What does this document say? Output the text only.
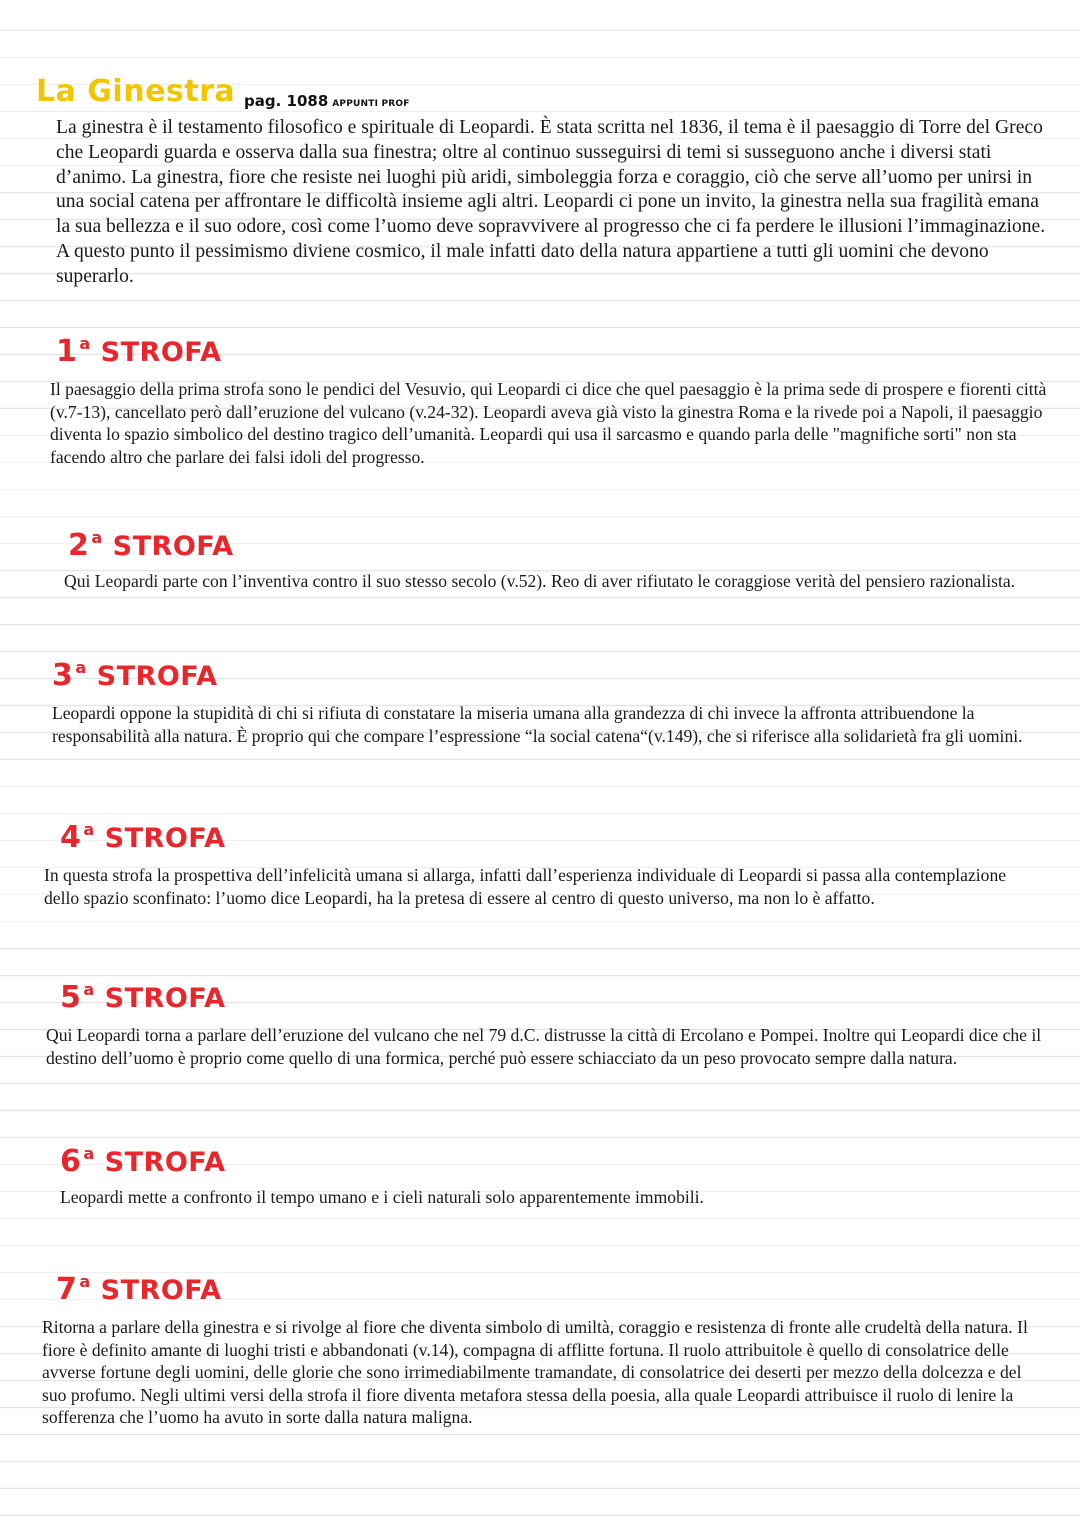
La Ginestra pag. 1088 APPUNTI PROF

La ginestra è il testamento filosofico e spirituale di Leopardi. È stata scritta nel 1836, il tema è il paesaggio di Torre del Greco che Leopardi guarda e osserva dalla sua finestra; oltre al continuo susseguirsi di temi si susseguono anche i diversi stati d’animo. La ginestra, fiore che resiste nei luoghi più aridi, simboleggia forza e coraggio, ciò che serve all’uomo per unirsi in una social catena per affrontare le difficoltà insieme agli altri. Leopardi ci pone un invito, la ginestra nella sua fragilità emana la sua bellezza e il suo odore, così come l’uomo deve sopravvivere al progresso che ci fa perdere le illusioni l’immaginazione. A questo punto il pessimismo diviene cosmico, il male infatti dato della natura appartiene a tutti gli uomini che devono superarlo.

1 $^a$ STROFA

Il paesaggio della prima strofa sono le pendici del Vesuvio, qui Leopardi ci dice che quel paesaggio è la prima sede di prospere e fiorenti città (v.7-13), cancellato però dall’eruzione del vulcano (v.24-32). Leopardi aveva già visto la ginestra Roma e la rivede poi a Napoli, il paesaggio diventa lo spazio simbolico del destino tragico dell’umanità. Leopardi qui usa il sarcasmo e quando parla delle "magnifiche sorti" non sta facendo altro che parlare dei falsi idoli del progresso.

2 $^a$ STROFA

Qui Leopardi parte con l’inventiva contro il suo stesso secolo (v.52). Reo di aver rifiutato le coraggiose verità del pensiero razionalista.

3 $^a$ STROFA

Leopardi oppone la stupidità di chi si rifiuta di constatare la miseria umana alla grandezza di chi invece la affronta attribuendone la responsabilità alla natura. È proprio qui che compare l’espressione “la social catena“(v.149), che si riferisce alla solidarietà fra gli uomini.

4 $^a$ STROFA

In questa strofa la prospettiva dell’infelicità umana si allarga, infatti dall’esperienza individuale di Leopardi si passa alla contemplazione dello spazio sconfinato: l’uomo dice Leopardi, ha la pretesa di essere al centro di questo universo, ma non lo è affatto.

5 $^a$ STROFA

Qui Leopardi torna a parlare dell’eruzione del vulcano che nel 79 d.C. distrusse la città di Ercolano e Pompei. Inoltre qui Leopardi dice che il destino dell’uomo è proprio come quello di una formica, perché può essere schiacciato da un peso provocato sempre dalla natura.

6 $^a$ STROFA

Leopardi mette a confronto il tempo umano e i cieli naturali solo apparentemente immobili.

7 $^a$ STROFA

Ritorna a parlare della ginestra e si rivolge al fiore che diventa simbolo di umiltà, coraggio e resistenza di fronte alle crudeltà della natura. Il fiore è definito amante di luoghi tristi e abbandonati (v.14), compagna di afflitte fortuna. Il ruolo attribuitole è quello di consolatrice delle avverse fortune degli uomini, delle glorie che sono irrimediabilmente tramandate, di consolatrice dei deserti per mezzo della dolcezza e del suo profumo. Negli ultimi versi della strofa il fiore diventa metafora stessa della poesia, alla quale Leopardi attribuisce il ruolo di lenire la sofferenza che l’uomo ha avuto in sorte dalla natura maligna.
